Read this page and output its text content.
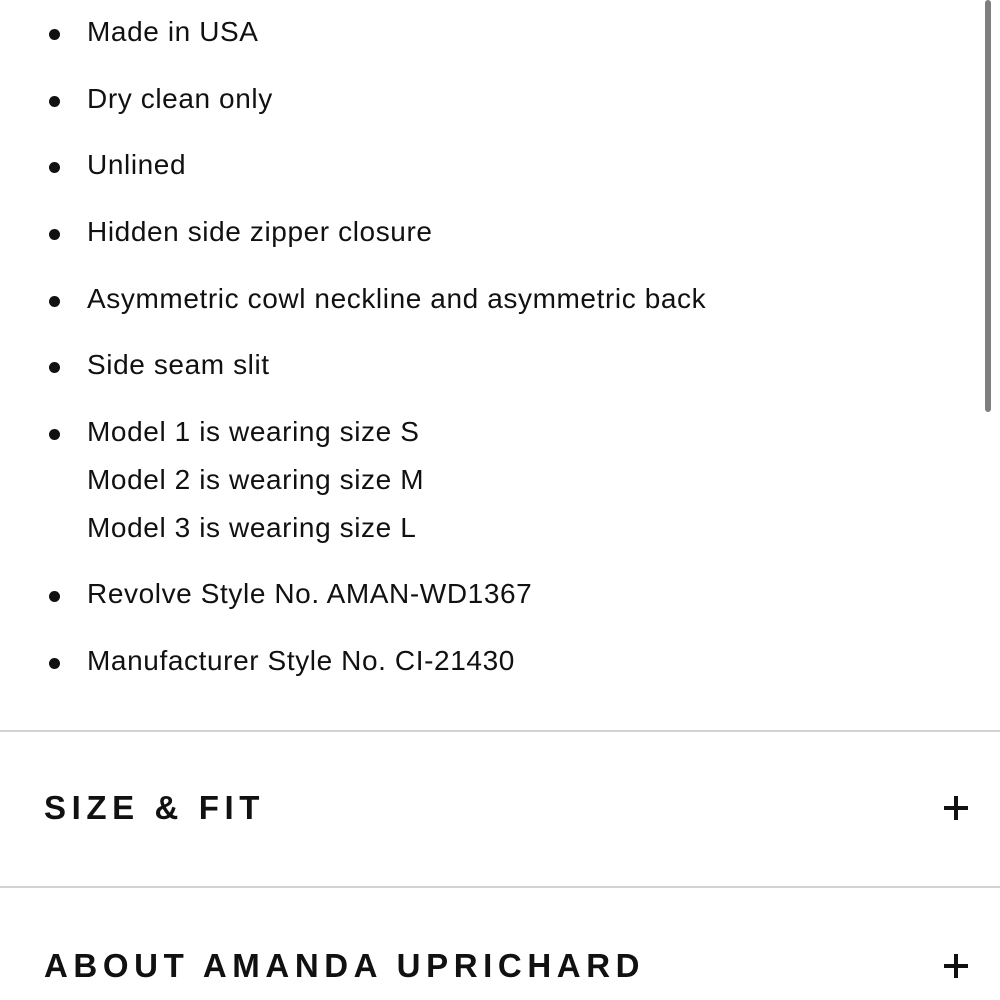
Made in USA
Dry clean only
Unlined
Hidden side zipper closure
Asymmetric cowl neckline and asymmetric back
Side seam slit
Model 1 is wearing size S
Model 2 is wearing size M
Model 3 is wearing size L
Revolve Style No. AMAN-WD1367
Manufacturer Style No. CI-21430
SIZE & FIT
ABOUT AMANDA UPRICHARD
